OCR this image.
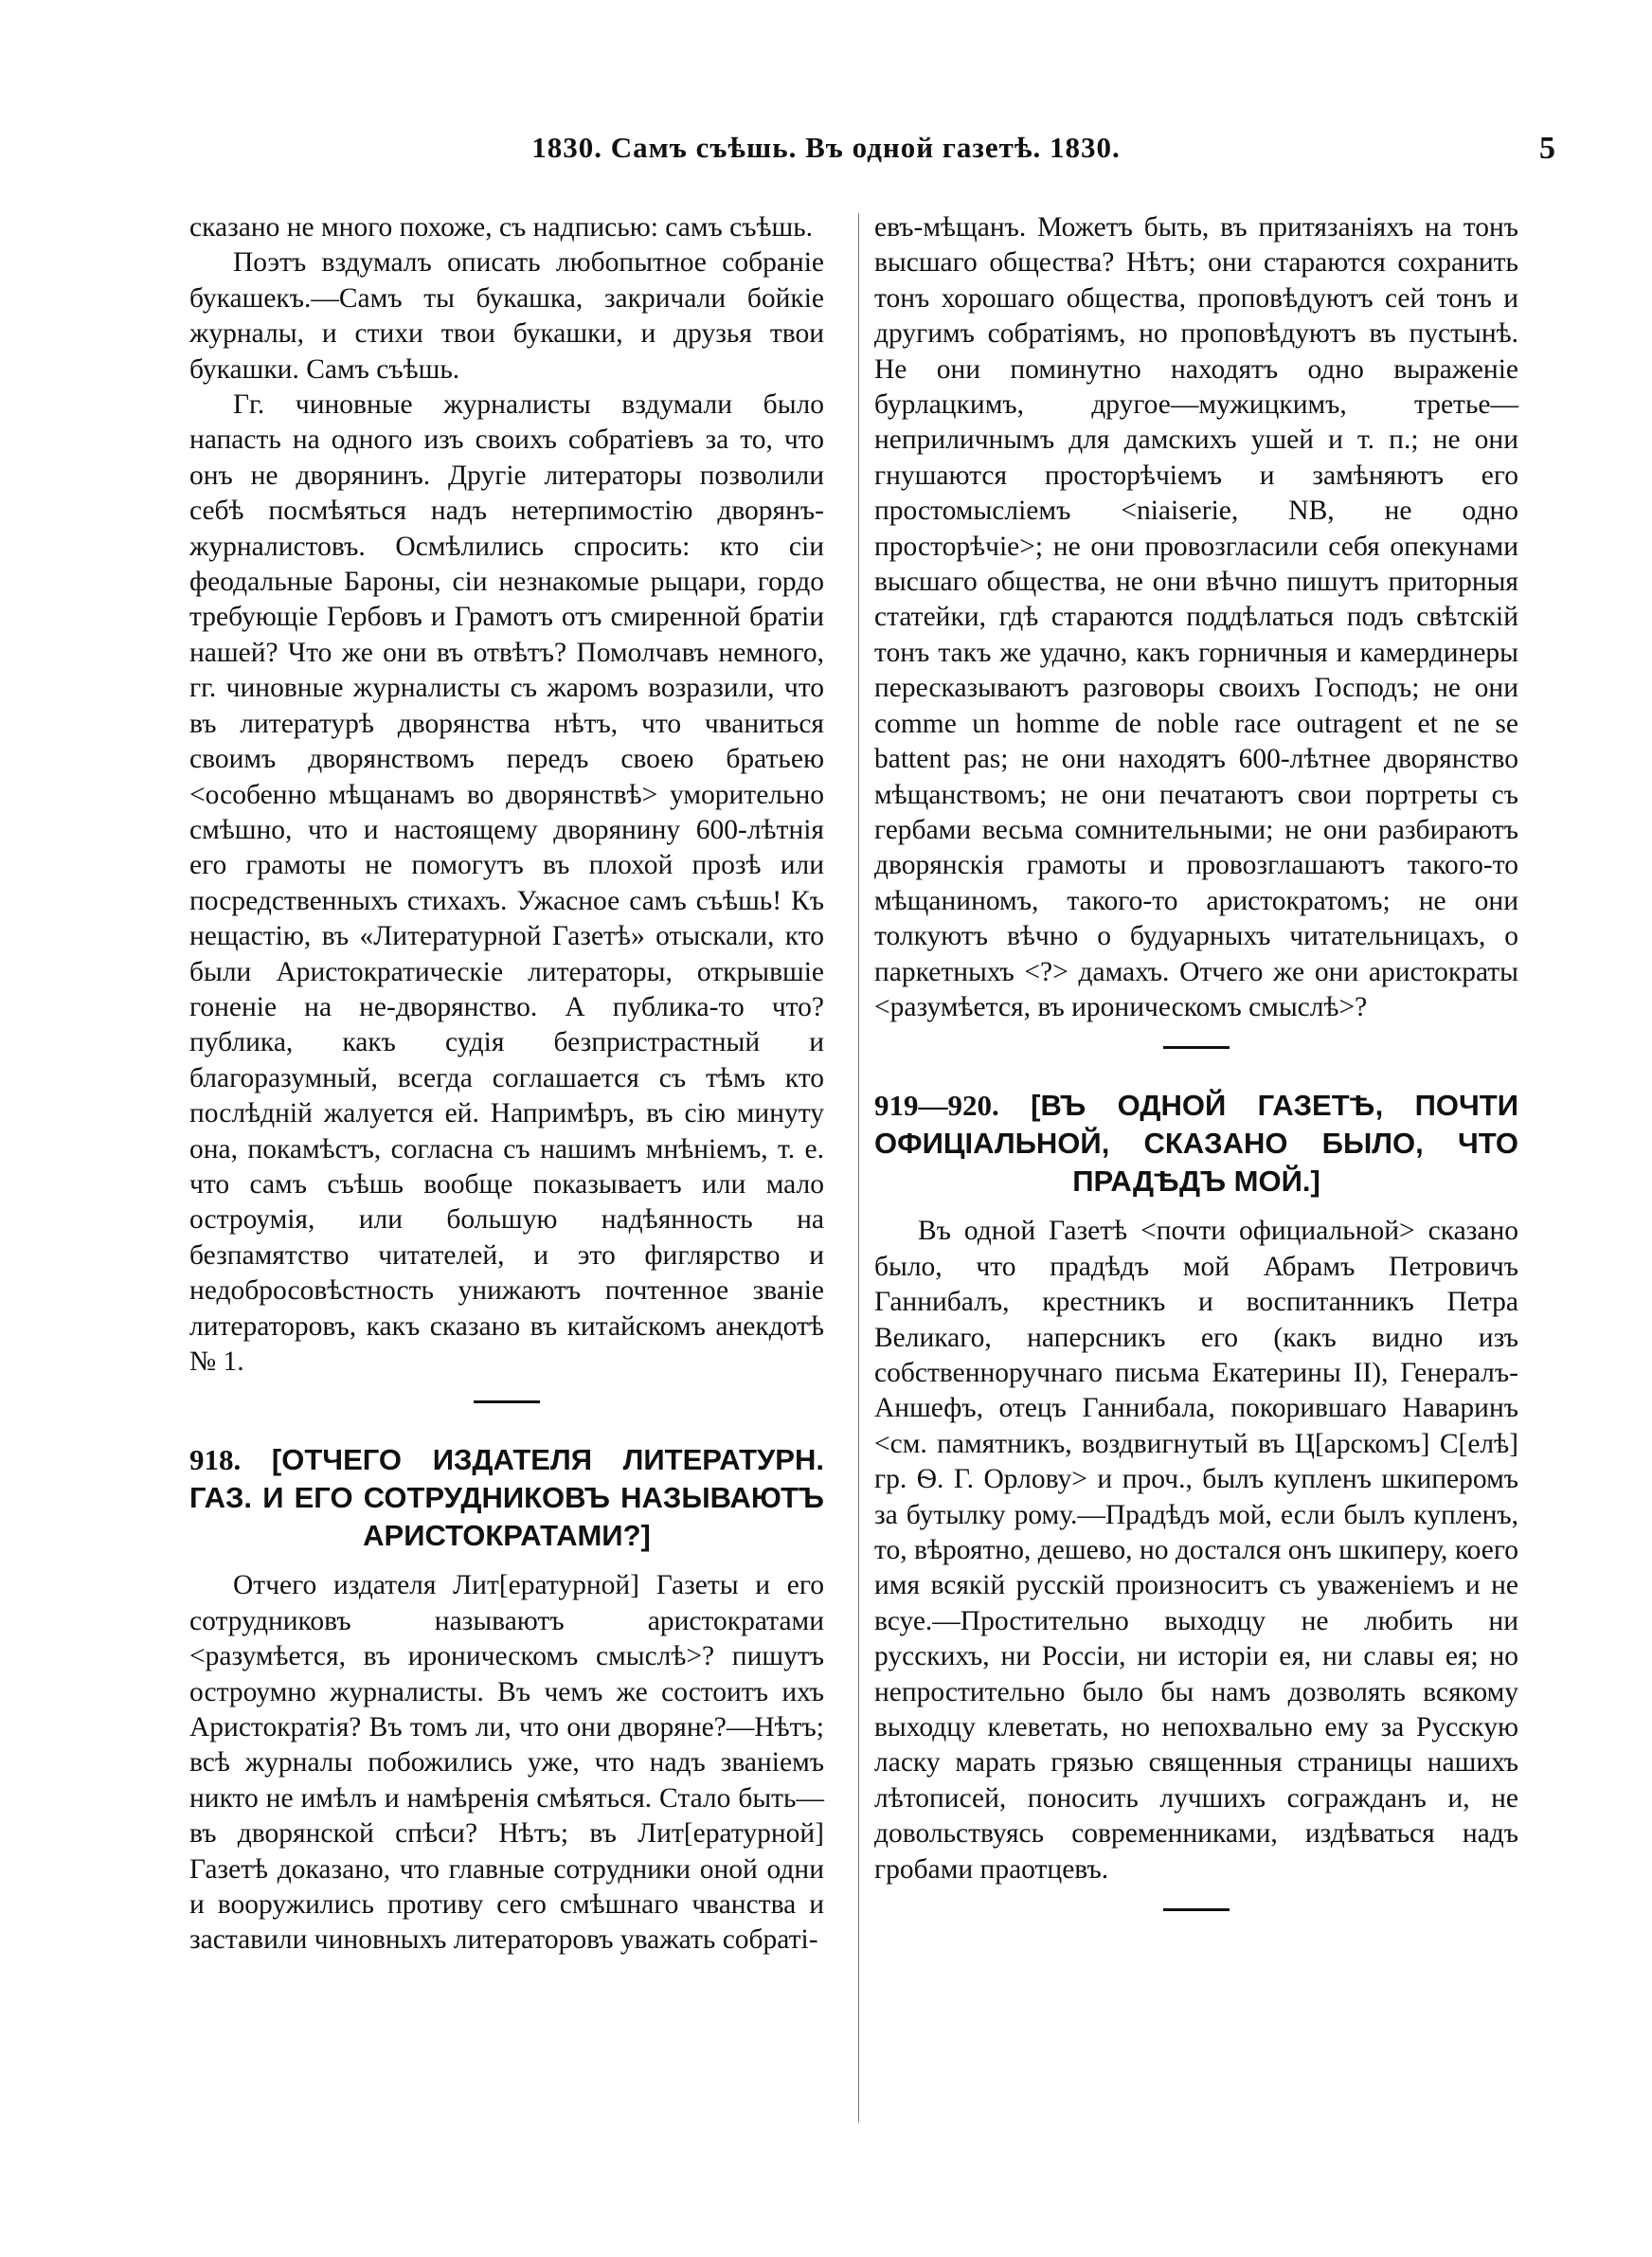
1830. Самъ съѣшь. Въ одной газетѣ. 1830.	5

сказано не много похоже, съ надписью: самъ съѣшь.

Поэтъ вздумалъ описать любопытное собраніе букашекъ.—Самъ ты букашка, закричали бойкіе журналы, и стихи твои букашки, и друзья твои букашки. Самъ съѣшь.

Гг. чиновные журналисты вздумали было напасть на одного изъ своихъ собратіевъ за то, что онъ не дворянинъ. Другіе литераторы позволили себѣ посмѣяться надъ нетерпимостію дворянъ-журналистовъ. Осмѣлились спросить: кто сіи феодальные Бароны, сіи незнакомые рыцари, гордо требующіе Гербовъ и Грамотъ отъ смиренной братіи нашей? Что же они въ отвѣтъ? Помолчавъ немного, гг. чиновные журналисты съ жаромъ возразили, что въ литературѣ дворянства нѣтъ, что чваниться своимъ дворянствомъ передъ своею братьею <особенно мѣщанамъ во дворянствѣ> уморительно смѣшно, что и настоящему дворянину 600-лѣтнія его грамоты не помогутъ въ плохой прозѣ или посредственныхъ стихахъ. Ужасное самъ съѣшь! Къ нещастію, въ «Литературной Газетѣ» отыскали, кто были Аристократическіе литераторы, открывшіе гоненіе на не-дворянство. А публика-то что? публика, какъ судія безпристрастный и благоразумный, всегда соглашается съ тѣмъ кто послѣдній жалуется ей. Напримѣръ, въ сію минуту она, покамѣстъ, согласна съ нашимъ мнѣніемъ, т. е. что самъ съѣшь вообще показываетъ или мало остроумія, или большую надѣянность на безпамятство читателей, и это фиглярство и недобросовѣстность унижаютъ почтенное званіе литераторовъ, какъ сказано въ китайскомъ анекдотѣ № 1.

918. [ОТЧЕГО ИЗДАТЕЛЯ ЛИТЕРАТУРН. ГАЗ. И ЕГО СОТРУДНИКОВЪ НАЗЫВАЮТЪ АРИСТОКРАТАМИ?]

Отчего издателя Лит[ературной] Газеты и его сотрудниковъ называютъ аристократами <разумѣется, въ ироническомъ смыслѣ>? пишутъ остроумно журналисты. Въ чемъ же состоитъ ихъ Аристократія? Въ томъ ли, что они дворяне?—Нѣтъ; всѣ журналы побожились уже, что надъ званіемъ никто не имѣлъ и намѣренія смѣяться. Стало быть—въ дворянской спѣси? Нѣтъ; въ Лит[ературной] Газетѣ доказано, что главные сотрудники оной одни и вооружились противу сего смѣшнаго чванства и заставили чиновныхъ литераторовъ уважать собраті-

евъ-мѣщанъ. Можетъ быть, въ притязаніяхъ на тонъ высшаго общества? Нѣтъ; они стараются сохранить тонъ хорошаго общества, проповѣдуютъ сей тонъ и другимъ собратіямъ, но проповѣдуютъ въ пустынѣ. Не они поминутно находятъ одно выраженіе бурлацкимъ, другое—мужицкимъ, третье—неприличнымъ для дамскихъ ушей и т. п.; не они гнушаются просторѣчіемъ и замѣняютъ его простомысліемъ <niaiserie, NB, не одно просторѣчіе>; не они провозгласили себя опекунами высшаго общества, не они вѣчно пишутъ приторныя статейки, гдѣ стараются поддѣлаться подъ свѣтскій тонъ такъ же удачно, какъ горничныя и камердинеры пересказываютъ разговоры своихъ Господъ; не они comme un homme de noble race outragent et ne se battent pas; не они находятъ 600-лѣтнее дворянство мѣщанствомъ; не они печатаютъ свои портреты съ гербами весьма сомнительными; не они разбираютъ дворянскія грамоты и провозглашаютъ такого-то мѣщаниномъ, такого-то аристократомъ; не они толкуютъ вѣчно о будуарныхъ читательницахъ, о паркетныхъ <?> дамахъ. Отчего же они аристократы <разумѣется, въ ироническомъ смыслѣ>?

919—920. [ВЪ ОДНОЙ ГАЗЕТѢ, ПОЧТИ ОФИЦІАЛЬНОЙ, СКАЗАНО БЫЛО, ЧТО ПРАДѢДЪ МОЙ.]

Въ одной Газетѣ <почти официальной> сказано было, что прадѣдъ мой Абрамъ Петровичъ Ганнибалъ, крестникъ и воспитанникъ Петра Великаго, наперсникъ его (какъ видно изъ собственноручнаго письма Екатерины II), Генералъ-Аншефъ, отецъ Ганнибала, покорившаго Наваринъ <см. памятникъ, воздвигнутый въ Ц[арскомъ] С[елѣ] гр. Ѳ. Г. Орлову> и проч., былъ купленъ шкиперомъ за бутылку рому.—Прадѣдъ мой, если былъ купленъ, то, вѣроятно, дешево, но достался онъ шкиперу, коего имя всякій русскій произноситъ съ уваженіемъ и не всуе.—Простительно выходцу не любить ни русскихъ, ни Россіи, ни исторіи ея, ни славы ея; но непростительно было бы намъ дозволять всякому выходцу клеветать, но непохвально ему за Русскую ласку марать грязью священныя страницы нашихъ лѣтописей, поносить лучшихъ согражданъ и, не довольствуясь современниками, издѣваться надъ гробами праотцевъ.
